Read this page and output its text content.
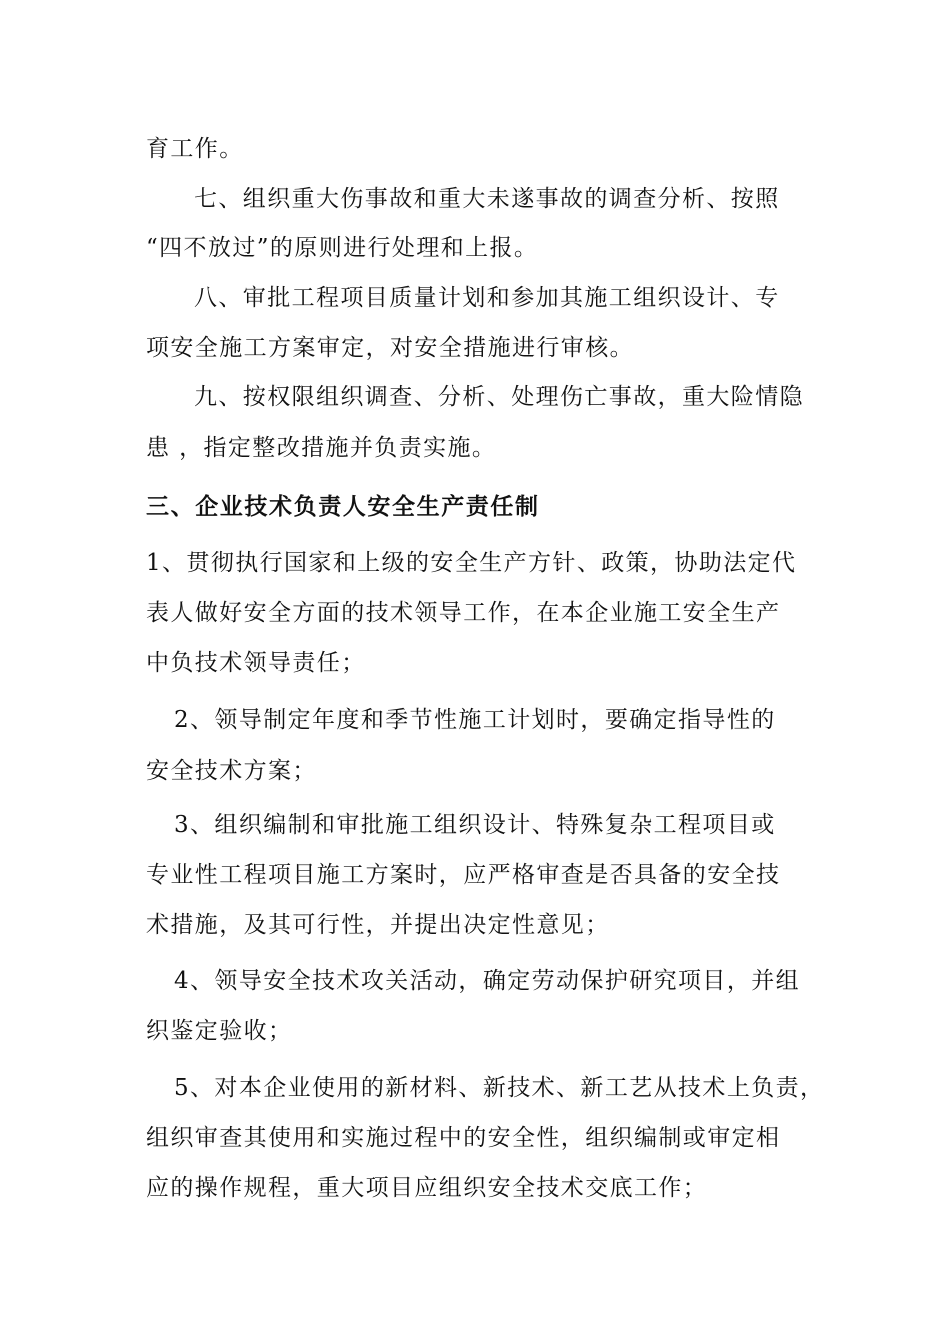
育工作。
七、组织重大伤事故和重大未遂事故的调查分析、按照
“四不放过”的原则进行处理和上报。
八、审批工程项目质量计划和参加其施工组织设计、专
项安全施工方案审定，对安全措施进行审核。
九、按权限组织调查、分析、处理伤亡事故，重大险情隐
患 ，指定整改措施并负责实施。
三、企业技术负责人安全生产责任制
1、贯彻执行国家和上级的安全生产方针、政策，协助法定代
表人做好安全方面的技术领导工作，在本企业施工安全生产
中负技术领导责任；
2、领导制定年度和季节性施工计划时，要确定指导性的
安全技术方案；
3、组织编制和审批施工组织设计、特殊复杂工程项目或
专业性工程项目施工方案时，应严格审查是否具备的安全技
术措施，及其可行性，并提出决定性意见；
4、领导安全技术攻关活动，确定劳动保护研究项目，并组
织鉴定验收；
5、对本企业使用的新材料、新技术、新工艺从技术上负责，
组织审查其使用和实施过程中的安全性，组织编制或审定相
应的操作规程，重大项目应组织安全技术交底工作；
